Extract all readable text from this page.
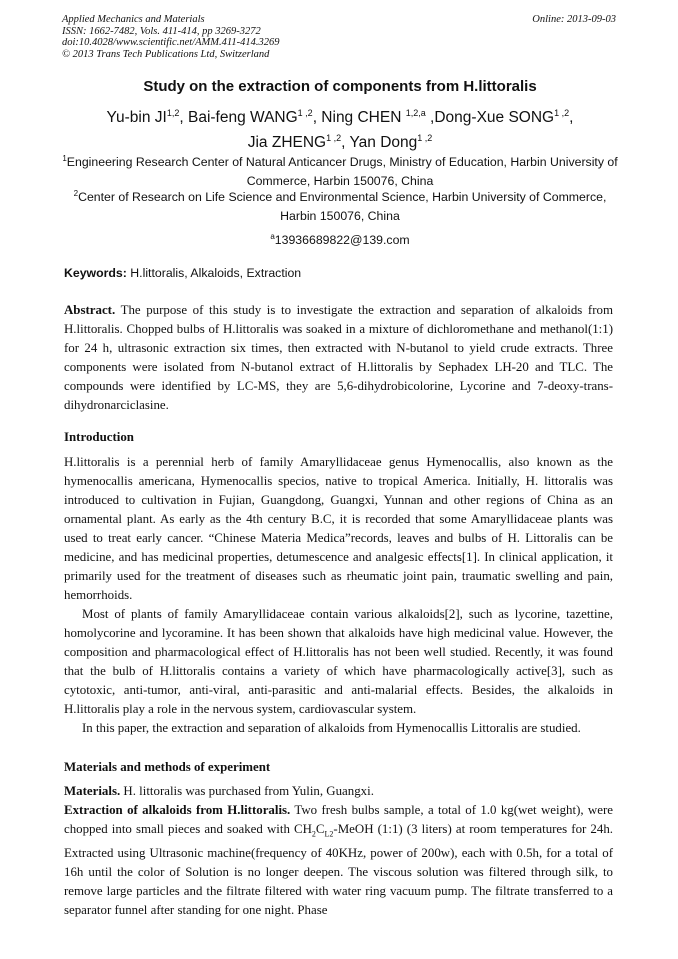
Applied Mechanics and Materials
ISSN: 1662-7482, Vols. 411-414, pp 3269-3272
doi:10.4028/www.scientific.net/AMM.411-414.3269
© 2013 Trans Tech Publications Ltd, Switzerland
Online: 2013-09-03
Study on the extraction of components from H.littoralis
Yu-bin JI$^{1,2}$, Bai-feng WANG$^{1 ,2}$, Ning CHEN $^{1,2,a}$ ,Dong-Xue SONG$^{1 ,2}$,
Jia ZHENG$^{1 ,2}$, Yan Dong$^{1 ,2}$
$^1$Engineering Research Center of Natural Anticancer Drugs, Ministry of Education, Harbin University of Commerce, Harbin 150076, China
$^2$Center of Research on Life Science and Environmental Science, Harbin University of Commerce, Harbin 150076, China
$^a$13936689822@139.com
Keywords: H.littoralis, Alkaloids, Extraction

Abstract. The purpose of this study is to investigate the extraction and separation of alkaloids from H.littoralis. Chopped bulbs of H.littoralis was soaked in a mixture of dichloromethane and methanol(1:1) for 24 h, ultrasonic extraction six times, then extracted with N-butanol to yield crude extracts. Three components were isolated from N-butanol extract of H.littoralis by Sephadex LH-20 and TLC. The compounds were identified by LC-MS, they are 5,6-dihydrobicolorine, Lycorine and 7-deoxy-trans-dihydronarciclasine.

Introduction

H.littoralis is a perennial herb of family Amaryllidaceae genus Hymenocallis, also known as the hymenocallis americana, Hymenocallis specios, native to tropical America. Initially, H. littoralis was introduced to cultivation in Fujian, Guangdong, Guangxi, Yunnan and other regions of China as an ornamental plant. As early as the 4th century B.C, it is recorded that some Amaryllidaceae plants was used to treat early cancer. “Chinese Materia Medica”records, leaves and bulbs of H. Littoralis can be medicine, and has medicinal properties, detumescence and analgesic effects[1]. In clinical application, it primarily used for the treatment of diseases such as rheumatic joint pain, traumatic swelling and pain, hemorrhoids.

Most of plants of family Amaryllidaceae contain various alkaloids[2], such as lycorine, tazettine, homolycorine and lycoramine. It has been shown that alkaloids have high medicinal value. However, the composition and pharmacological effect of H.littoralis has not been well studied. Recently, it was found that the bulb of H.littoralis contains a variety of which have pharmacologically active[3], such as cytotoxic, anti-tumor, anti-viral, anti-parasitic and anti-malarial effects. Besides, the alkaloids in H.littoralis play a role in the nervous system, cardiovascular system.

In this paper, the extraction and separation of alkaloids from Hymenocallis Littoralis are studied.

Materials and methods of experiment

Materials. H. littoralis was purchased from Yulin, Guangxi.

Extraction of alkaloids from H.littoralis. Two fresh bulbs sample, a total of 1.0 kg(wet weight), were chopped into small pieces and soaked with $CH_2C_{L2}$-MeOH (1:1) (3 liters) at room temperatures for 24h. Extracted using Ultrasonic machine(frequency of 40KHz, power of 200w), each with 0.5h, for a total of 16h until the color of Solution is no longer deepen. The viscous solution was filtered through silk, to remove large particles and the filtrate filtered with water ring vacuum pump. The filtrate transferred to a separator funnel after standing for one night. Phase
